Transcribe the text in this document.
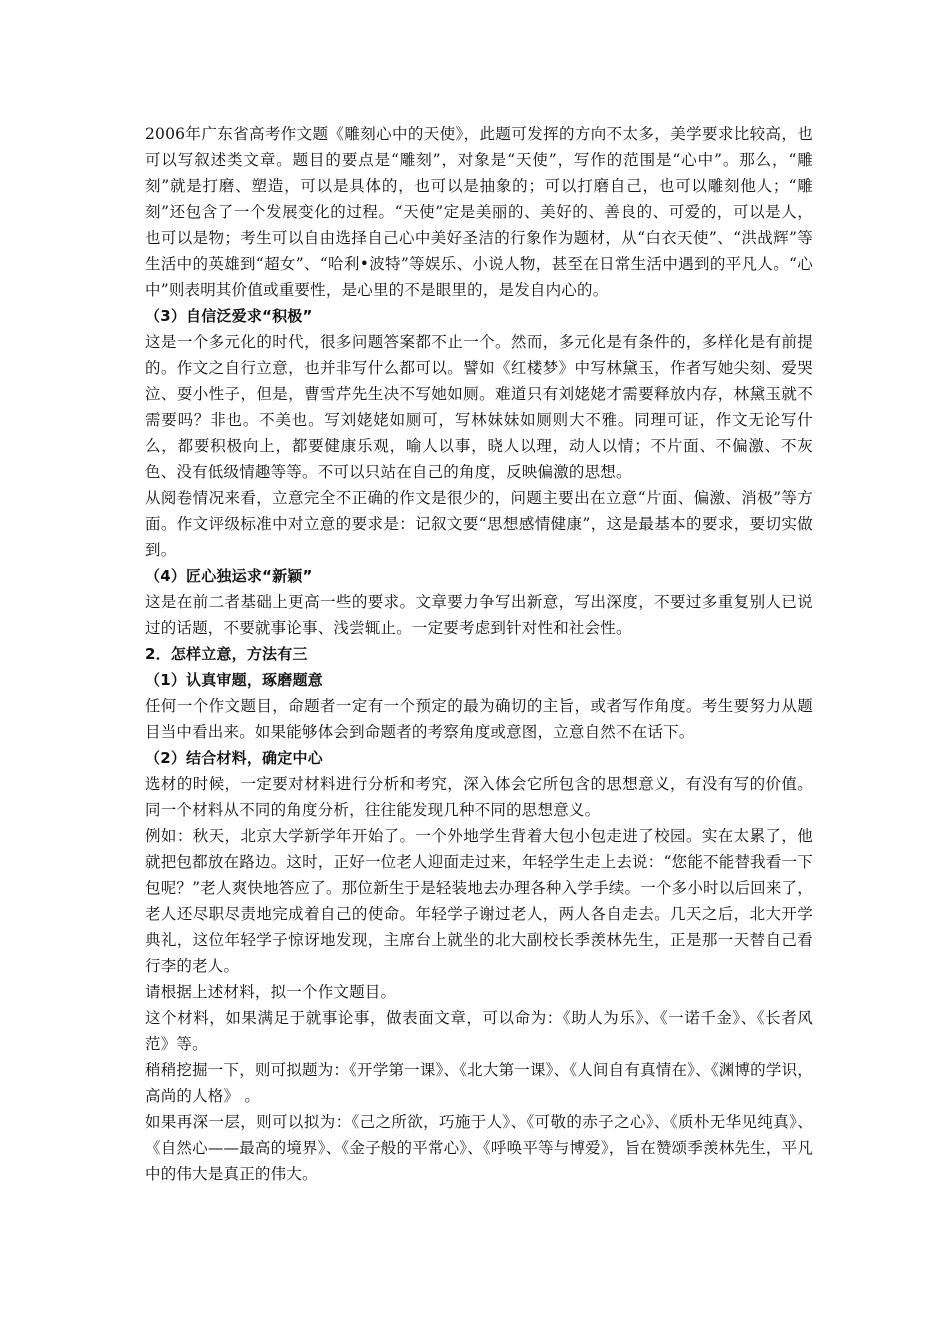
2006年广东省高考作文题《雕刻心中的天使》，此题可发挥的方向不太多，美学要求比较高，也可以写叙述类文章。题目的要点是“雕刻”，对象是“天使”，写作的范围是“心中”。那么，“雕刻”就是打磨、塑造，可以是具体的，也可以是抽象的；可以打磨自己，也可以雕刻他人；“雕刻”还包含了一个发展变化的过程。“天使”定是美丽的、美好的、善良的、可爱的，可以是人，也可以是物；考生可以自由选择自己心中美好圣洁的行象作为题材，从“白衣天使”、“洪战辉”等生活中的英雄到“超女”、“哈利•波特”等娱乐、小说人物，甚至在日常生活中遇到的平凡人。“心中”则表明其价值或重要性，是心里的不是眼里的，是发自内心的。

（3）自信泛爱求“积极”

这是一个多元化的时代，很多问题答案都不止一个。然而，多元化是有条件的，多样化是有前提的。作文之自行立意，也并非写什么都可以。譬如《红楼梦》中写林黛玉，作者写她尖刻、爱哭泣、耍小性子，但是，曹雪芹先生决不写她如厕。难道只有刘姥姥才需要释放内存，林黛玉就不需要吗？非也。不美也。写刘姥姥如厕可，写林妹妹如厕则大不雅。同理可证，作文无论写什么，都要积极向上，都要健康乐观，喻人以事，晓人以理，动人以情；不片面、不偏激、不灰色、没有低级情趣等等。不可以只站在自己的角度，反映偏激的思想。

从阅卷情况来看，立意完全不正确的作文是很少的，问题主要出在立意“片面、偏激、消极”等方面。作文评级标准中对立意的要求是：记叙文要“思想感情健康”，这是最基本的要求，要切实做到。

（4）匠心独运求“新颖”

这是在前二者基础上更高一些的要求。文章要力争写出新意，写出深度，不要过多重复别人已说过的话题，不要就事论事、浅尝辄止。一定要考虑到针对性和社会性。

2．怎样立意，方法有三

（1）认真审题，琢磨题意

任何一个作文题目，命题者一定有一个预定的最为确切的主旨，或者写作角度。考生要努力从题目当中看出来。如果能够体会到命题者的考察角度或意图，立意自然不在话下。

（2）结合材料，确定中心

选材的时候，一定要对材料进行分析和考究，深入体会它所包含的思想意义，有没有写的价值。同一个材料从不同的角度分析，往往能发现几种不同的思想意义。

例如：秋天，北京大学新学年开始了。一个外地学生背着大包小包走进了校园。实在太累了，他就把包都放在路边。这时，正好一位老人迎面走过来，年轻学生走上去说：“您能不能替我看一下包呢？”老人爽快地答应了。那位新生于是轻装地去办理各种入学手续。一个多小时以后回来了，老人还尽职尽责地完成着自己的使命。年轻学子谢过老人，两人各自走去。几天之后，北大开学典礼，这位年轻学子惊讶地发现，主席台上就坐的北大副校长季羡林先生，正是那一天替自己看行李的老人。

请根据上述材料，拟一个作文题目。

这个材料，如果满足于就事论事，做表面文章，可以命为：《助人为乐》、《一诺千金》、《长者风范》等。

稍稍挖掘一下，则可拟题为：《开学第一课》、《北大第一课》、《人间自有真情在》、《渊博的学识，高尚的人格》 。

如果再深一层，则可以拟为：《己之所欲，巧施于人》、《可敬的赤子之心》、《质朴无华见纯真》、《自然心——最高的境界》、《金子般的平常心》、《呼唤平等与博爱》，旨在赞颂季羡林先生，平凡中的伟大是真正的伟大。
